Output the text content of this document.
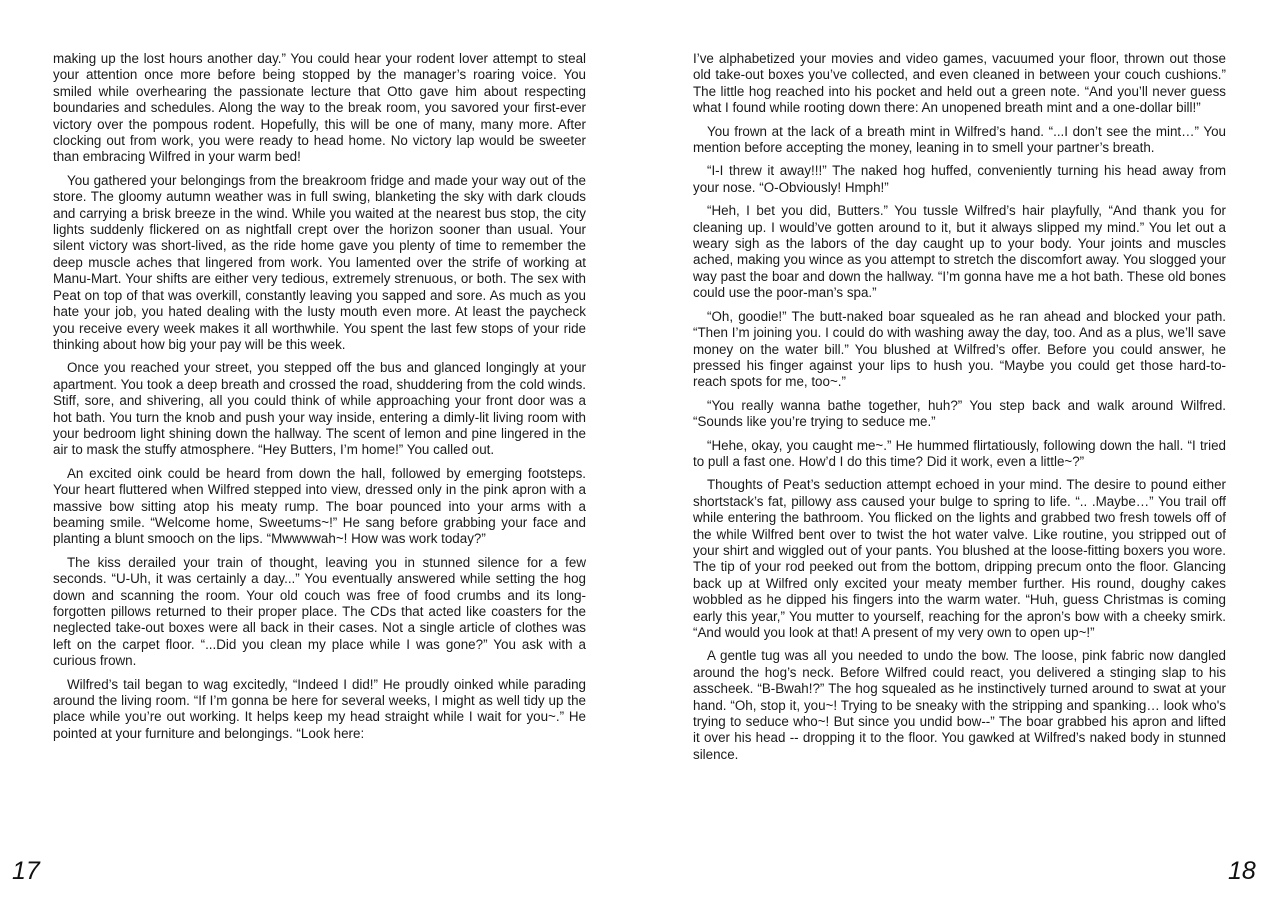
making up the lost hours another day.” You could hear your rodent lover attempt to steal your attention once more before being stopped by the manager’s roaring voice. You smiled while overhearing the passionate lecture that Otto gave him about respecting boundaries and schedules. Along the way to the break room, you savored your first-ever victory over the pompous rodent. Hopefully, this will be one of many, many more. After clocking out from work, you were ready to head home. No victory lap would be sweeter than embracing Wilfred in your warm bed!

You gathered your belongings from the breakroom fridge and made your way out of the store. The gloomy autumn weather was in full swing, blanketing the sky with dark clouds and carrying a brisk breeze in the wind. While you waited at the nearest bus stop, the city lights suddenly flickered on as nightfall crept over the horizon sooner than usual. Your silent victory was short-lived, as the ride home gave you plenty of time to remember the deep muscle aches that lingered from work. You lamented over the strife of working at Manu-Mart. Your shifts are either very tedious, extremely strenuous, or both. The sex with Peat on top of that was overkill, constantly leaving you sapped and sore. As much as you hate your job, you hated dealing with the lusty mouth even more. At least the paycheck you receive every week makes it all worthwhile. You spent the last few stops of your ride thinking about how big your pay will be this week.

Once you reached your street, you stepped off the bus and glanced longingly at your apartment. You took a deep breath and crossed the road, shuddering from the cold winds. Stiff, sore, and shivering, all you could think of while approaching your front door was a hot bath. You turn the knob and push your way inside, entering a dimly-lit living room with your bedroom light shining down the hallway. The scent of lemon and pine lingered in the air to mask the stuffy atmosphere. “Hey Butters, I’m home!” You called out.

An excited oink could be heard from down the hall, followed by emerging footsteps. Your heart fluttered when Wilfred stepped into view, dressed only in the pink apron with a massive bow sitting atop his meaty rump. The boar pounced into your arms with a beaming smile. “Welcome home, Sweetums~!” He sang before grabbing your face and planting a blunt smooch on the lips. “Mwwwwah~! How was work today?”

The kiss derailed your train of thought, leaving you in stunned silence for a few seconds. “U-Uh, it was certainly a day...” You eventually answered while setting the hog down and scanning the room. Your old couch was free of food crumbs and its long-forgotten pillows returned to their proper place. The CDs that acted like coasters for the neglected take-out boxes were all back in their cases. Not a single article of clothes was left on the carpet floor. “...Did you clean my place while I was gone?” You ask with a curious frown.

Wilfred’s tail began to wag excitedly, “Indeed I did!” He proudly oinked while parading around the living room. “If I’m gonna be here for several weeks, I might as well tidy up the place while you’re out working. It helps keep my head straight while I wait for you~.” He pointed at your furniture and belongings. “Look here:

I’ve alphabetized your movies and video games, vacuumed your floor, thrown out those old take-out boxes you’ve collected, and even cleaned in between your couch cushions.” The little hog reached into his pocket and held out a green note. “And you’ll never guess what I found while rooting down there: An unopened breath mint and a one-dollar bill!”

You frown at the lack of a breath mint in Wilfred’s hand. “...I don’t see the mint…” You mention before accepting the money, leaning in to smell your partner’s breath.

“I-I threw it away!!!” The naked hog huffed, conveniently turning his head away from your nose. “O-Obviously! Hmph!”

“Heh, I bet you did, Butters.” You tussle Wilfred’s hair playfully, “And thank you for cleaning up. I would’ve gotten around to it, but it always slipped my mind.” You let out a weary sigh as the labors of the day caught up to your body. Your joints and muscles ached, making you wince as you attempt to stretch the discomfort away. You slogged your way past the boar and down the hallway. “I’m gonna have me a hot bath. These old bones could use the poor-man’s spa.”

“Oh, goodie!” The butt-naked boar squealed as he ran ahead and blocked your path. “Then I’m joining you. I could do with washing away the day, too. And as a plus, we’ll save money on the water bill.” You blushed at Wilfred’s offer. Before you could answer, he pressed his finger against your lips to hush you. “Maybe you could get those hard-to-reach spots for me, too~.”

“You really wanna bathe together, huh?” You step back and walk around Wilfred. “Sounds like you’re trying to seduce me.”

“Hehe, okay, you caught me~.” He hummed flirtatiously, following down the hall. “I tried to pull a fast one. How’d I do this time? Did it work, even a little~?”

Thoughts of Peat’s seduction attempt echoed in your mind. The desire to pound either shortstack’s fat, pillowy ass caused your bulge to spring to life. “.. .Maybe…” You trail off while entering the bathroom. You flicked on the lights and grabbed two fresh towels off of the while Wilfred bent over to twist the hot water valve. Like routine, you stripped out of your shirt and wiggled out of your pants. You blushed at the loose-fitting boxers you wore. The tip of your rod peeked out from the bottom, dripping precum onto the floor. Glancing back up at Wilfred only excited your meaty member further. His round, doughy cakes wobbled as he dipped his fingers into the warm water. “Huh, guess Christmas is coming early this year,” You mutter to yourself, reaching for the apron’s bow with a cheeky smirk. “And would you look at that! A present of my very own to open up~!”

A gentle tug was all you needed to undo the bow. The loose, pink fabric now dangled around the hog’s neck. Before Wilfred could react, you delivered a stinging slap to his asscheek. “B-Bwah!?” The hog squealed as he instinctively turned around to swat at your hand. “Oh, stop it, you~! Trying to be sneaky with the stripping and spanking… look who's trying to seduce who~! But since you undid bow--” The boar grabbed his apron and lifted it over his head -- dropping it to the floor. You gawked at Wilfred’s naked body in stunned silence.

17	18
